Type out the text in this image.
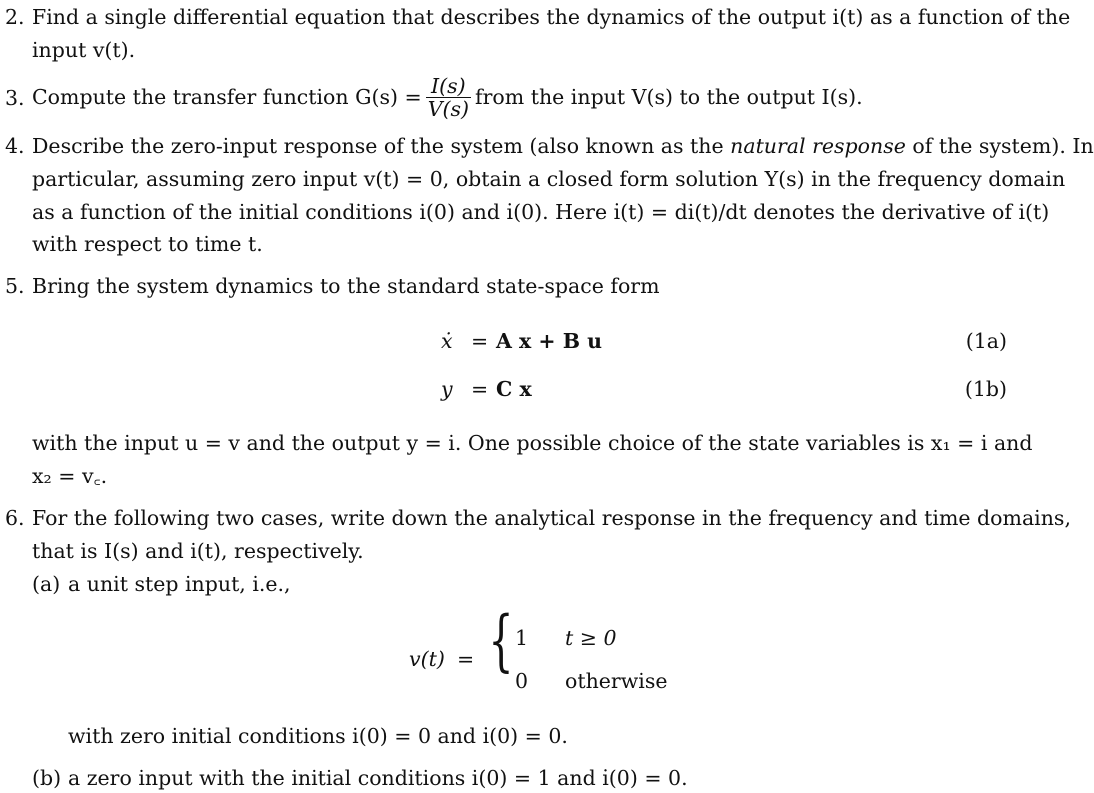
2. Find a single differential equation that describes the dynamics of the output i(t) as a function of the
input v(t).
3. Compute the transfer function $G(s) = \frac{I(s)}{V(s)}$ from the input V(s) to the output I(s).
4. Describe the zero-input response of the system (also known as the natural response of the system). In
particular, assuming zero input v(t) = 0, obtain a closed form solution Y(s) in the frequency domain
as a function of the initial conditions i(0) and i̇(0). Here i̇(t) = di(t)/dt denotes the derivative of i(t)
with respect to time t.
5. Bring the system dynamics to the standard state-space form
ẋ = A x + B u	(1a)
y = C x	(1b)
with the input u = v and the output y = i. One possible choice of the state variables is x₁ = i and
x₂ = v꜀.
6. For the following two cases, write down the analytical response in the frequency and time domains,
that is I(s) and i(t), respectively.
(a) a unit step input, i.e.,
v(t) = { 1 t ≥ 0
0 otherwise
with zero initial conditions i(0) = 0 and i̇(0) = 0.
(b) a zero input with the initial conditions i(0) = 1 and i̇(0) = 0.
